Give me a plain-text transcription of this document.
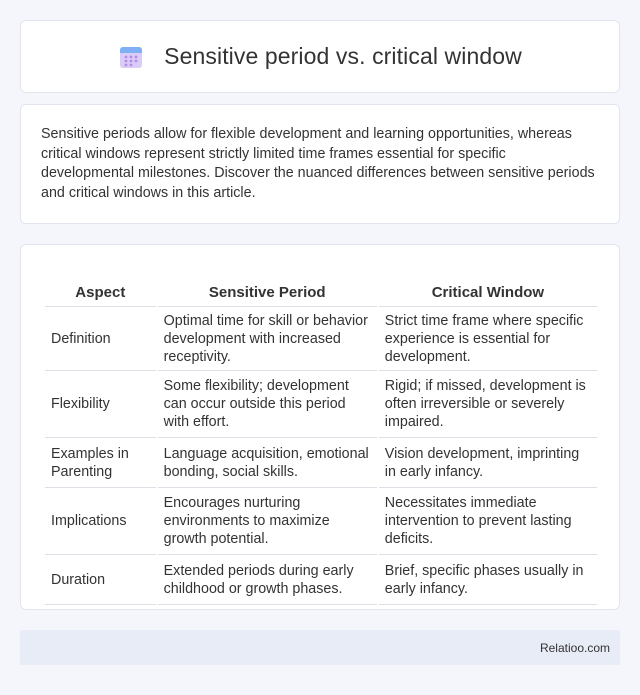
Sensitive period vs. critical window

Sensitive periods allow for flexible development and learning opportunities, whereas critical windows represent strictly limited time frames essential for specific developmental milestones. Discover the nuanced differences between sensitive periods and critical windows in this article.

Aspect	Sensitive Period	Critical Window
Definition	Optimal time for skill or behavior development with increased receptivity.	Strict time frame where specific experience is essential for development.
Flexibility	Some flexibility; development can occur outside this period with effort.	Rigid; if missed, development is often irreversible or severely impaired.
Examples in Parenting	Language acquisition, emotional bonding, social skills.	Vision development, imprinting in early infancy.
Implications	Encourages nurturing environments to maximize growth potential.	Necessitates immediate intervention to prevent lasting deficits.
Duration	Extended periods during early childhood or growth phases.	Brief, specific phases usually in early infancy.
Relatioo.com
